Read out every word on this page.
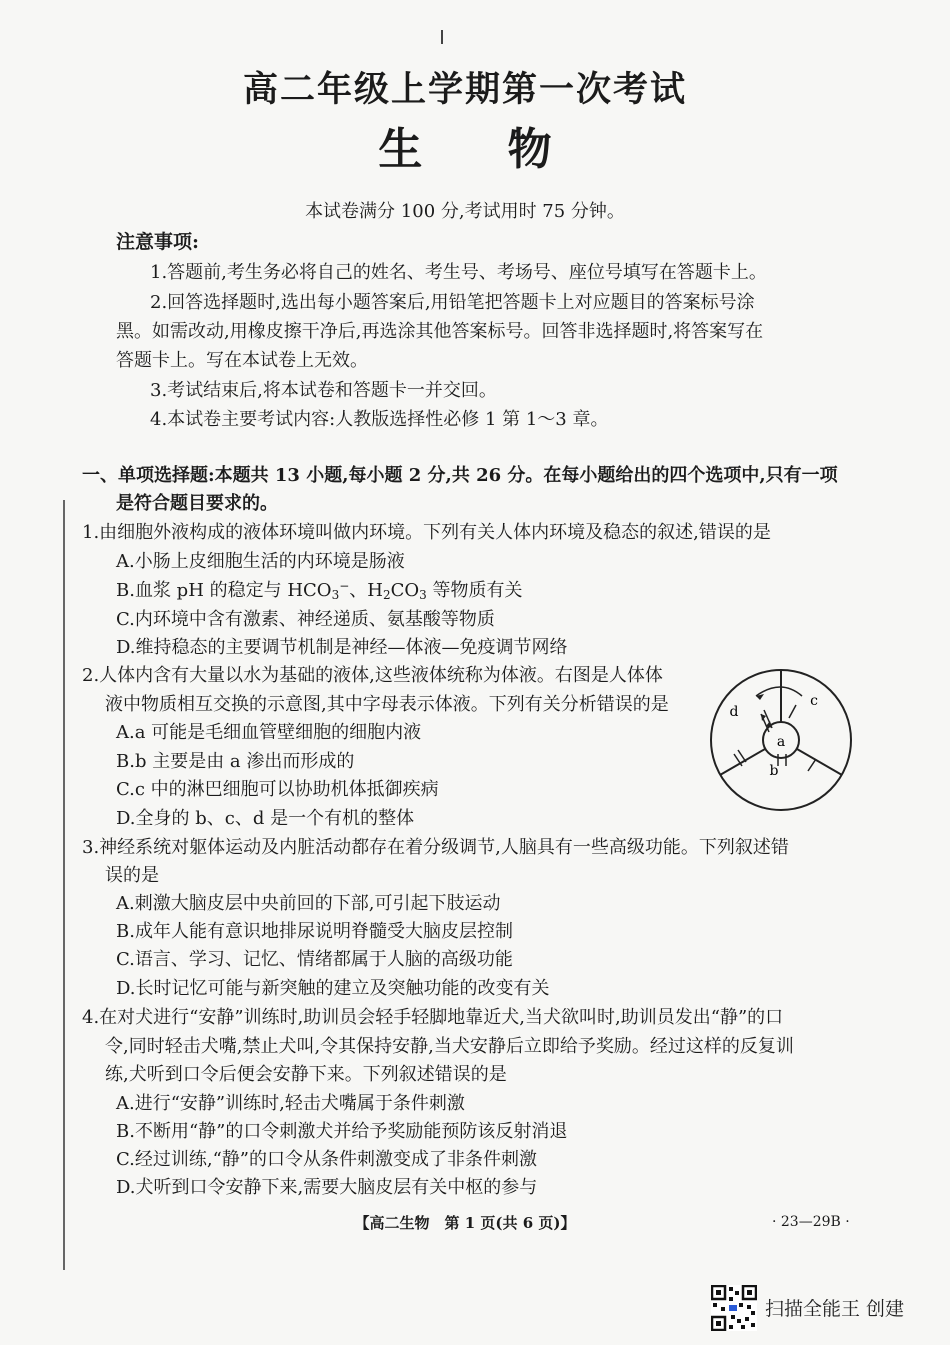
高二年级上学期第一次考试
生 物
本试卷满分 100 分,考试用时 75 分钟。
注意事项:
1.答题前,考生务必将自己的姓名、考生号、考场号、座位号填写在答题卡上。
2.回答选择题时,选出每小题答案后,用铅笔把答题卡上对应题目的答案标号涂
黑。如需改动,用橡皮擦干净后,再选涂其他答案标号。回答非选择题时,将答案写在
答题卡上。写在本试卷上无效。
3.考试结束后,将本试卷和答题卡一并交回。
4.本试卷主要考试内容:人教版选择性必修 1 第 1～3 章。
一、单项选择题:本题共 13 小题,每小题 2 分,共 26 分。在每小题给出的四个选项中,只有一项
是符合题目要求的。
1.由细胞外液构成的液体环境叫做内环境。下列有关人体内环境及稳态的叙述,错误的是
A.小肠上皮细胞生活的内环境是肠液
B.血浆 pH 的稳定与 $HCO_3^-$、$H_2CO_3$ 等物质有关
C.内环境中含有激素、神经递质、氨基酸等物质
D.维持稳态的主要调节机制是神经—体液—免疫调节网络
2.人体内含有大量以水为基础的液体,这些液体统称为体液。右图是人体体
液中物质相互交换的示意图,其中字母表示体液。下列有关分析错误的是
A.a 可能是毛细血管壁细胞的细胞内液
B.b 主要是由 a 渗出而形成的
C.c 中的淋巴细胞可以协助机体抵御疾病
D.全身的 b、c、d 是一个有机的整体
a
b
c
d
3.神经系统对躯体运动及内脏活动都存在着分级调节,人脑具有一些高级功能。下列叙述错
误的是
A.刺激大脑皮层中央前回的下部,可引起下肢运动
B.成年人能有意识地排尿说明脊髓受大脑皮层控制
C.语言、学习、记忆、情绪都属于人脑的高级功能
D.长时记忆可能与新突触的建立及突触功能的改变有关
4.在对犬进行“安静”训练时,助训员会轻手轻脚地靠近犬,当犬欲叫时,助训员发出“静”的口
令,同时轻击犬嘴,禁止犬叫,令其保持安静,当犬安静后立即给予奖励。经过这样的反复训
练,犬听到口令后便会安静下来。下列叙述错误的是
A.进行“安静”训练时,轻击犬嘴属于条件刺激
B.不断用“静”的口令刺激犬并给予奖励能预防该反射消退
C.经过训练,“静”的口令从条件刺激变成了非条件刺激
D.犬听到口令安静下来,需要大脑皮层有关中枢的参与
【高二生物　第 1 页(共 6 页)】	· 23—29B ·
扫描全能王 创建
